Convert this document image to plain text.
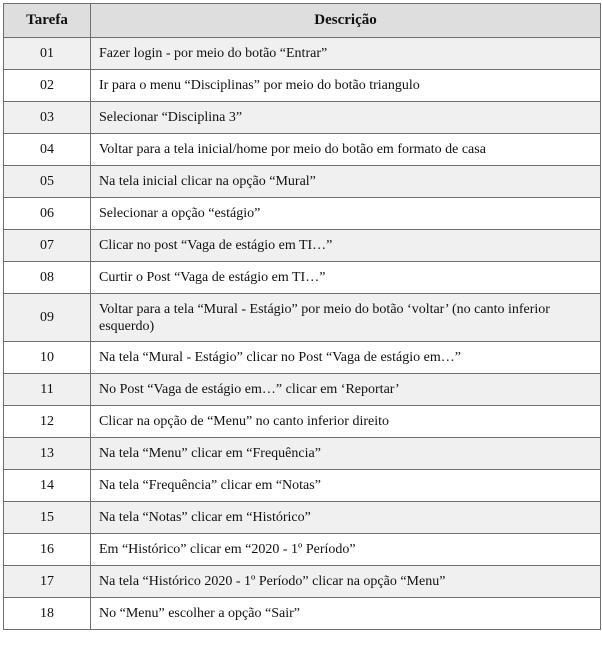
Tarefa	Descrição
01	Fazer login - por meio do botão “Entrar”
02	Ir para o menu “Disciplinas” por meio do botão triangulo
03	Selecionar “Disciplina 3”
04	Voltar para a tela inicial/home por meio do botão em formato de casa
05	Na tela inicial clicar na opção “Mural”
06	Selecionar a opção “estágio”
07	Clicar no post “Vaga de estágio em TI…”
08	Curtir o Post “Vaga de estágio em TI…”
09	Voltar para a tela “Mural - Estágio” por meio do botão ‘voltar’ (no canto inferior esquerdo)
10	Na tela “Mural - Estágio” clicar no Post “Vaga de estágio em…”
11	No Post “Vaga de estágio em…” clicar em ‘Reportar’
12	Clicar na opção de “Menu” no canto inferior direito
13	Na tela “Menu” clicar em “Frequência”
14	Na tela “Frequência” clicar em “Notas”
15	Na tela “Notas” clicar em “Histórico”
16	Em “Histórico” clicar em “2020 - 1º Período”
17	Na tela “Histórico 2020 - 1º Período” clicar na opção “Menu”
18	No “Menu” escolher a opção “Sair”
